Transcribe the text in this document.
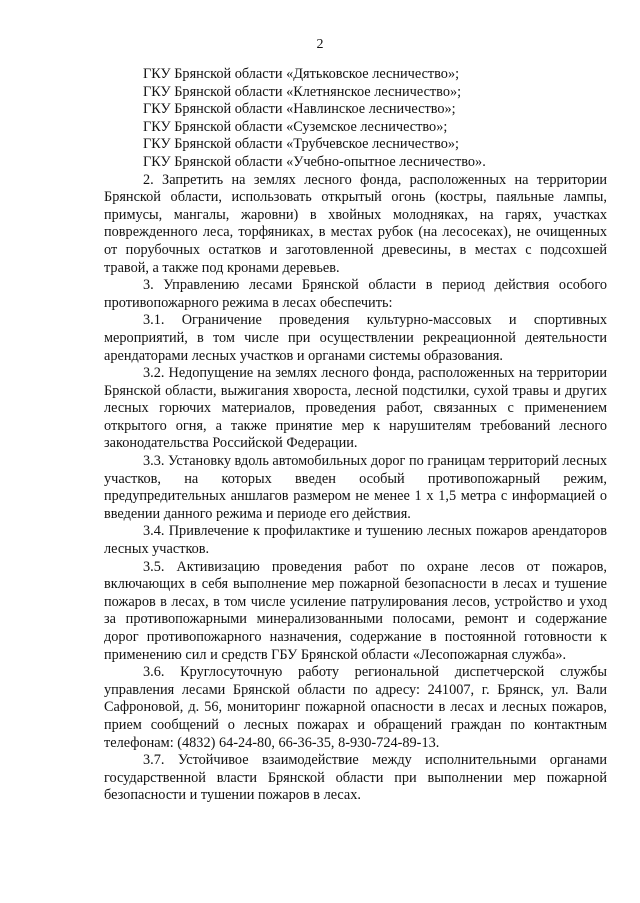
2

ГКУ Брянской области «Дятьковское лесничество»;

ГКУ Брянской области «Клетнянское лесничество»;

ГКУ Брянской области «Навлинское лесничество»;

ГКУ Брянской области «Суземское лесничество»;

ГКУ Брянской области «Трубчевское лесничество»;

ГКУ Брянской области «Учебно-опытное лесничество».

2. Запретить на землях лесного фонда, расположенных на территории Брянской области, использовать открытый огонь (костры, паяльные лампы, примусы, мангалы, жаровни) в хвойных молодняках, на гарях, участках поврежденного леса, торфяниках, в местах рубок (на лесосеках), не очищенных от порубочных остатков и заготовленной древесины, в местах с подсохшей травой, а также под кронами деревьев.

3. Управлению лесами Брянской области в период действия особого противопожарного режима в лесах обеспечить:

3.1. Ограничение проведения культурно-массовых и спортивных мероприятий, в том числе при осуществлении рекреационной деятельности арендаторами лесных участков и органами системы образования.

3.2. Недопущение на землях лесного фонда, расположенных на территории Брянской области, выжигания хвороста, лесной подстилки, сухой травы и других лесных горючих материалов, проведения работ, связанных с применением открытого огня, а также принятие мер к нарушителям требований лесного законодательства Российской Федерации.

3.3. Установку вдоль автомобильных дорог по границам территорий лесных участков, на которых введен особый противопожарный режим, предупредительных аншлагов размером не менее 1 х 1,5 метра с информацией о введении данного режима и периоде его действия.

3.4. Привлечение к профилактике и тушению лесных пожаров арендаторов лесных участков.

3.5. Активизацию проведения работ по охране лесов от пожаров, включающих в себя выполнение мер пожарной безопасности в лесах и тушение пожаров в лесах, в том числе усиление патрулирования лесов, устройство и уход за противопожарными минерализованными полосами, ремонт и содержание дорог противопожарного назначения, содержание в постоянной готовности к применению сил и средств ГБУ Брянской области «Лесопожарная служба».

3.6. Круглосуточную работу региональной диспетчерской службы управления лесами Брянской области по адресу: 241007, г. Брянск, ул. Вали Сафроновой, д. 56, мониторинг пожарной опасности в лесах и лесных пожаров, прием сообщений о лесных пожарах и обращений граждан по контактным телефонам: (4832) 64-24-80, 66-36-35, 8-930-724-89-13.

3.7. Устойчивое взаимодействие между исполнительными органами государственной власти Брянской области при выполнении мер пожарной безопасности и тушении пожаров в лесах.
